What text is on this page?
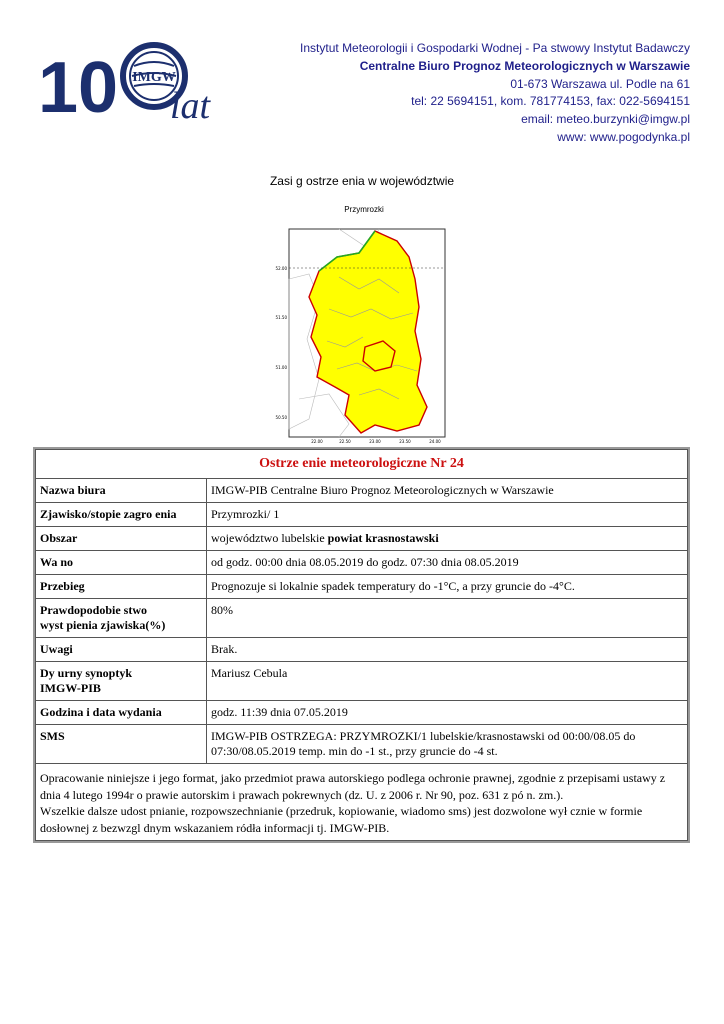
10 IMGW
lat
Instytut Meteorologii i Gospodarki Wodnej - Pa stwowy Instytut Badawczy
Centralne Biuro Prognoz Meteorologicznych w Warszawie
01-673 Warszawa ul. Podle na 61
tel: 22 5694151, kom. 781774153, fax: 022-5694151
email: meteo.burzynki@imgw.pl
www: www.pogodynka.pl
Zasi g ostrze enia w województwie
Przymrozki
52.00
51.50
51.00
50.50
22.00	22.50	23.00	23.50	24.00
Ostrze enie meteorologiczne Nr 24	
Nazwa biura	IMGW-PIB Centralne Biuro Prognoz Meteorologicznych w Warszawie
Zjawisko/stopie zagro enia	Przymrozki/ 1
Obszar	województwo lubelskie powiat krasnostawski
Wa no	od godz. 00:00 dnia 08.05.2019 do godz. 07:30 dnia 08.05.2019
Przebieg	Prognozuje si lokalnie spadek temperatury do -1°C, a przy gruncie do -4°C.

Prawdopodobie stwo
wyst pienia zjawiska(%)	80%
Uwagi	Brak.

Dy urny synoptyk
IMGW-PIB	Mariusz Cebula
Godzina i data wydania	godz. 11:39 dnia 07.05.2019
SMS	IMGW-PIB OSTRZEGA: PRZYMROZKI/1 lubelskie/krasnostawski od 00:00/08.05 do 07:30/08.05.2019 temp. min do -1 st., przy gruncie do -4 st.

Opracowanie niniejsze i jego format, jako przedmiot prawa autorskiego podlega ochronie prawnej, zgodnie z przepisami ustawy z dnia 4 lutego 1994r o prawie autorskim i prawach pokrewnych (dz. U. z 2006 r. Nr 90, poz. 631 z pó n. zm.).

Wszelkie dalsze udost pnianie, rozpowszechnianie (przedruk, kopiowanie, wiadomo sms) jest dozwolone wył cznie w formie dosłownej z bezwzgl dnym wskazaniem ródła informacji tj. IMGW-PIB.	
